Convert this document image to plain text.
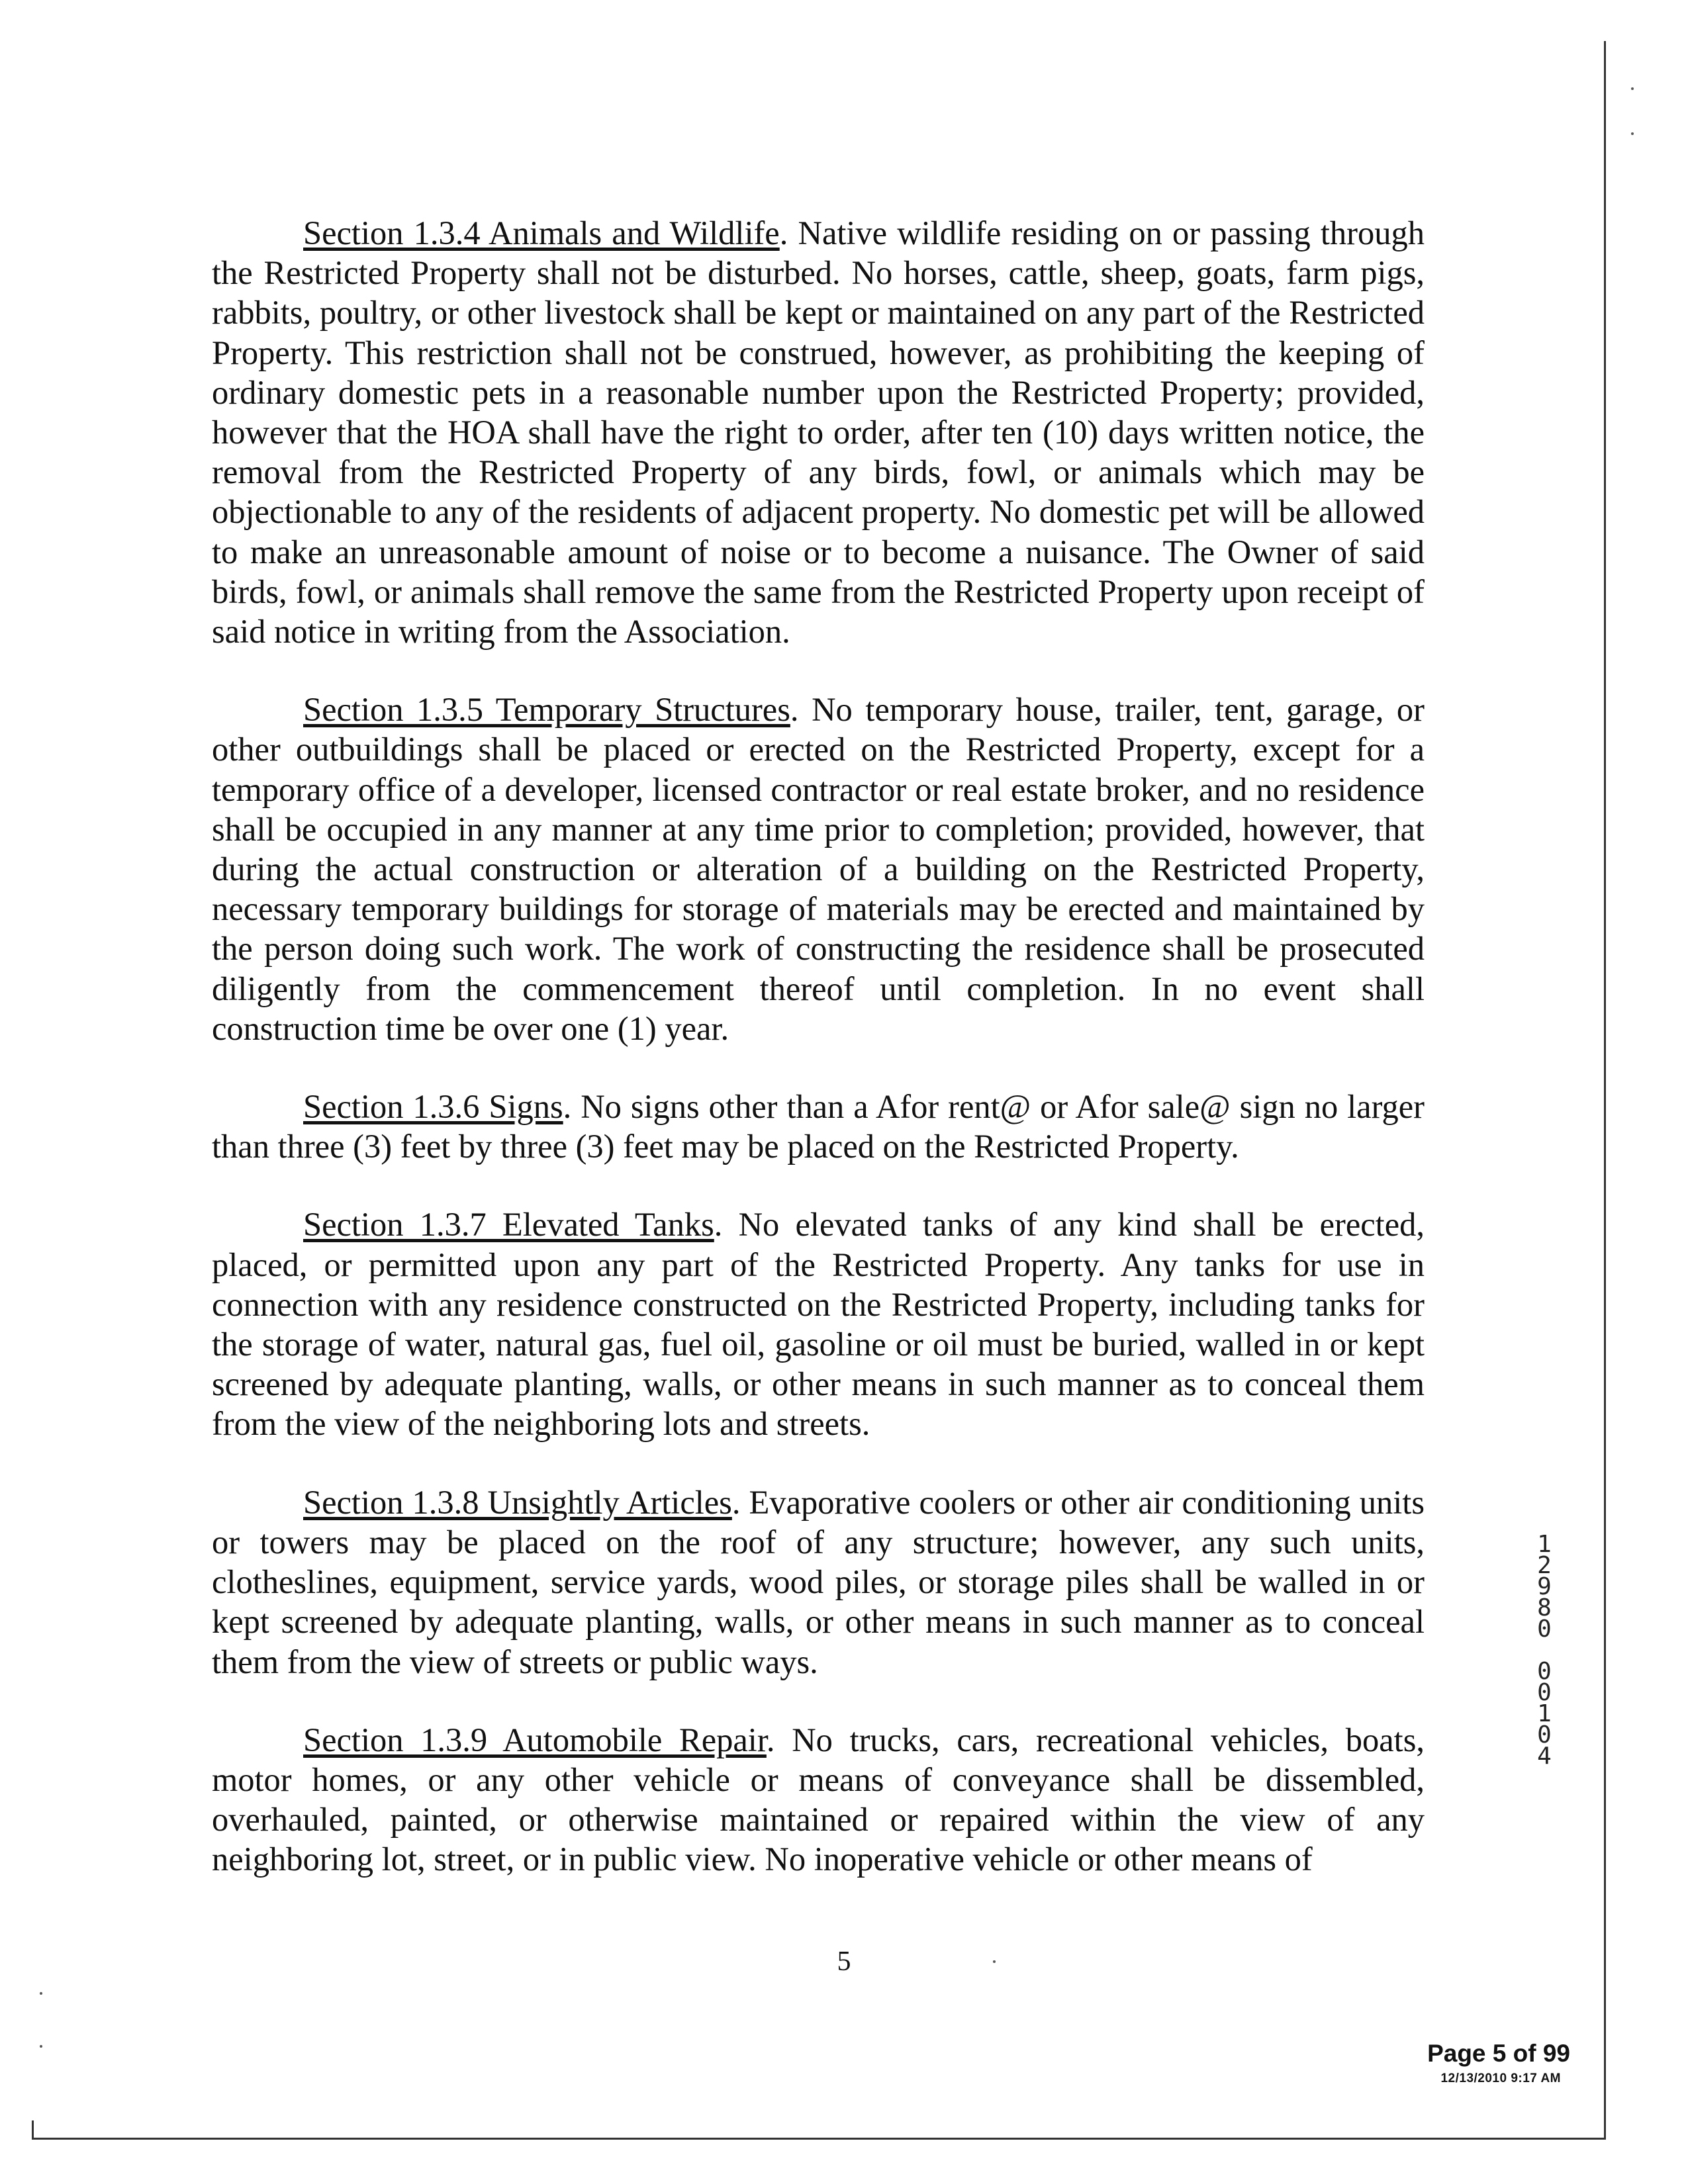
Section 1.3.4 Animals and Wildlife. Native wildlife residing on or passing through the Restricted Property shall not be disturbed. No horses, cattle, sheep, goats, farm pigs, rabbits, poultry, or other livestock shall be kept or maintained on any part of the Restricted Property. This restriction shall not be construed, however, as prohibiting the keeping of ordinary domestic pets in a reasonable number upon the Restricted Property; provided, however that the HOA shall have the right to order, after ten (10) days written notice, the removal from the Restricted Property of any birds, fowl, or animals which may be objectionable to any of the residents of adjacent property. No domestic pet will be allowed to make an unreasonable amount of noise or to become a nuisance. The Owner of said birds, fowl, or animals shall remove the same from the Restricted Property upon receipt of said notice in writing from the Association.

Section 1.3.5 Temporary Structures. No temporary house, trailer, tent, garage, or other outbuildings shall be placed or erected on the Restricted Property, except for a temporary office of a developer, licensed contractor or real estate broker, and no residence shall be occupied in any manner at any time prior to completion; provided, however, that during the actual construction or alteration of a building on the Restricted Property, necessary temporary buildings for storage of materials may be erected and maintained by the person doing such work. The work of constructing the residence shall be prosecuted diligently from the commencement thereof until completion. In no event shall construction time be over one (1) year.

Section 1.3.6 Signs. No signs other than a Afor rent@ or Afor sale@ sign no larger than three (3) feet by three (3) feet may be placed on the Restricted Property.

Section 1.3.7 Elevated Tanks. No elevated tanks of any kind shall be erected, placed, or permitted upon any part of the Restricted Property. Any tanks for use in connection with any residence constructed on the Restricted Property, including tanks for the storage of water, natural gas, fuel oil, gasoline or oil must be buried, walled in or kept screened by adequate planting, walls, or other means in such manner as to conceal them from the view of the neighboring lots and streets.

Section 1.3.8 Unsightly Articles. Evaporative coolers or other air conditioning units or towers may be placed on the roof of any structure; however, any such units, clotheslines, equipment, service yards, wood piles, or storage piles shall be walled in or kept screened by adequate planting, walls, or other means in such manner as to conceal them from the view of streets or public ways.

Section 1.3.9 Automobile Repair. No trucks, cars, recreational vehicles, boats, motor homes, or any other vehicle or means of conveyance shall be dissembled, overhauled, painted, or otherwise maintained or repaired within the view of any neighboring lot, street, or in public view. No inoperative vehicle or other means of

1
2
9
8
0

0
0
1
0
4
5
Page 5 of 99
12/13/2010 9:17 AM
